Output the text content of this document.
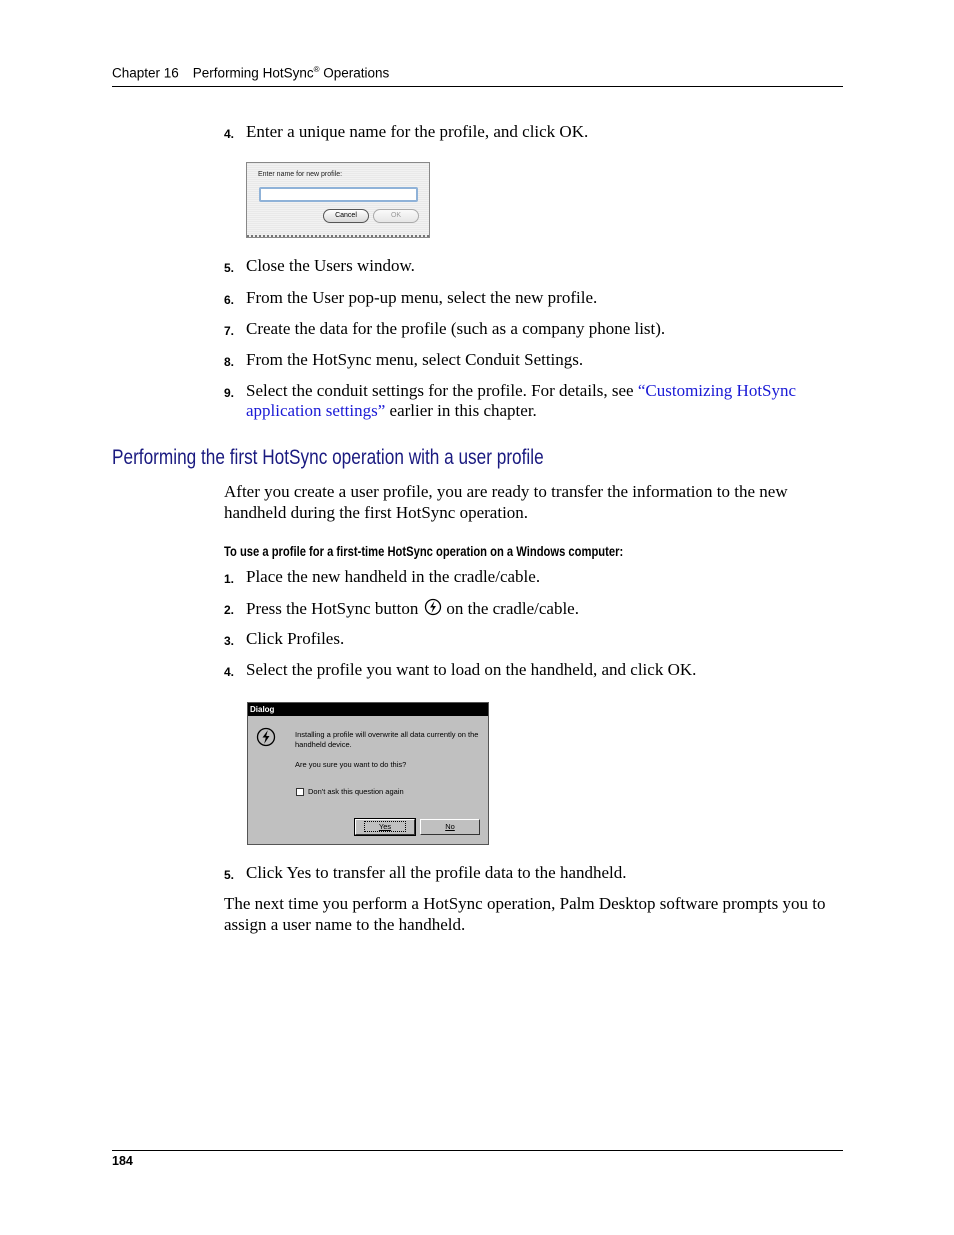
Chapter 16 Performing HotSync® Operations
4. Enter a unique name for the profile, and click OK.
Enter name for new profile:
Cancel	OK
5. Close the Users window.
6. From the User pop-up menu, select the new profile.
7. Create the data for the profile (such as a company phone list).
8. From the HotSync menu, select Conduit Settings.
9. Select the conduit settings for the profile. For details, see “Customizing HotSync application settings” earlier in this chapter.
Performing the first HotSync operation with a user profile
After you create a user profile, you are ready to transfer the information to the new handheld during the first HotSync operation.
To use a profile for a first-time HotSync operation on a Windows computer:
1. Place the new handheld in the cradle/cable.
2. Press the HotSync button on the cradle/cable.
3. Click Profiles.
4. Select the profile you want to load on the handheld, and click OK.
Dialog
Installing a profile will overwrite all data currently on the handheld device.
Are you sure you want to do this?
Don't ask this question again
Yes	No
5. Click Yes to transfer all the profile data to the handheld.
The next time you perform a HotSync operation, Palm Desktop software prompts you to assign a user name to the handheld.
184
